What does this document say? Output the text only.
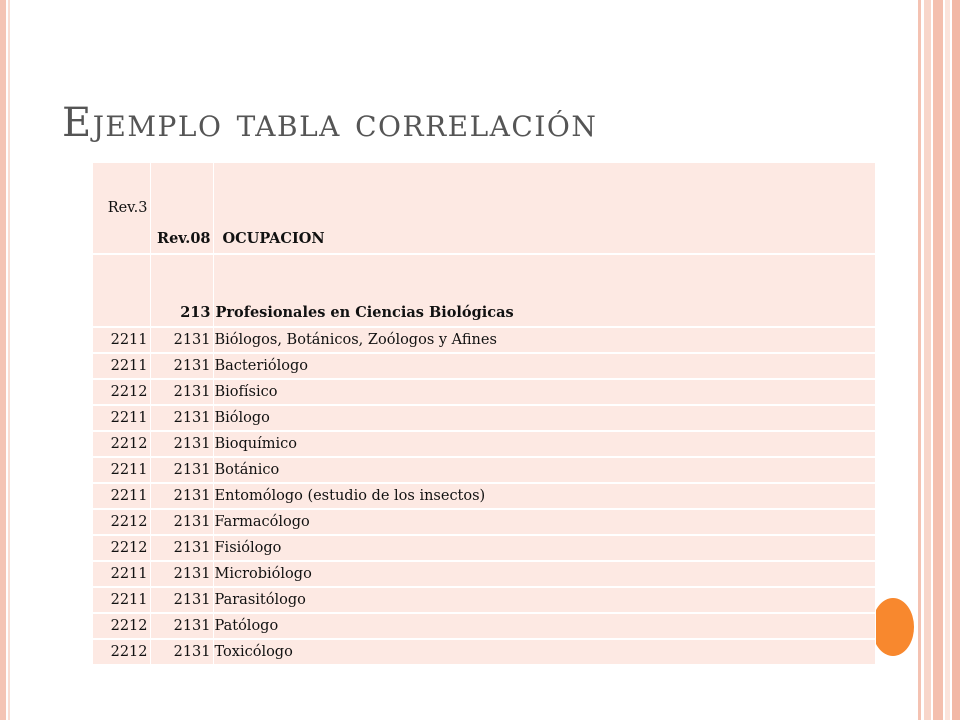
Ejemplo tabla correlación
Rev.3	Rev.08	OCUPACION
	213	Profesionales en Ciencias Biológicas
2211	2131	Biólogos, Botánicos, Zoólogos y Afines
2211	2131	Bacteriólogo
2212	2131	Biofísico
2211	2131	Biólogo
2212	2131	Bioquímico
2211	2131	Botánico
2211	2131	Entomólogo (estudio de los insectos)
2212	2131	Farmacólogo
2212	2131	Fisiólogo
2211	2131	Microbiólogo
2211	2131	Parasitólogo
2212	2131	Patólogo
2212	2131	Toxicólogo
